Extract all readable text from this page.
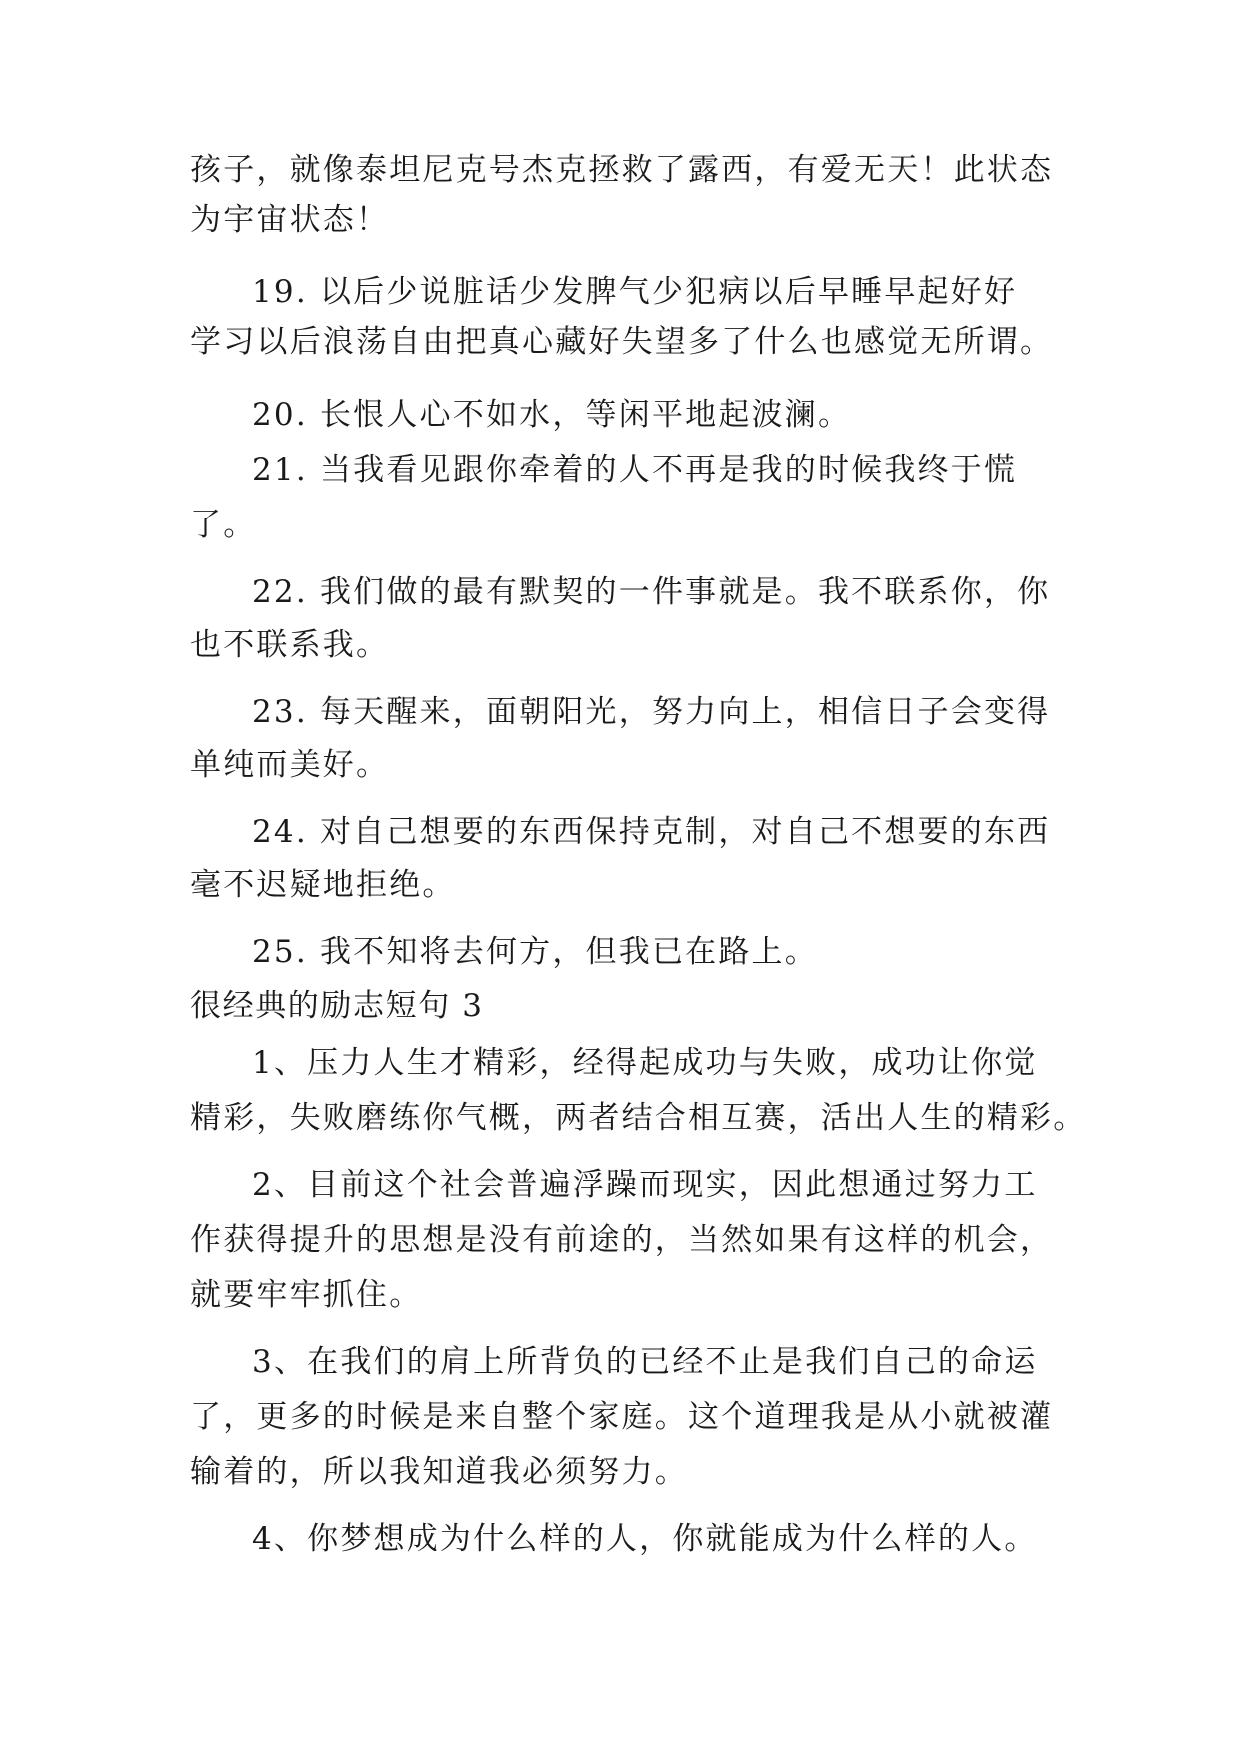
孩子，就像泰坦尼克号杰克拯救了露西，有爱无天！此状态
为宇宙状态！
19. 以后少说脏话少发脾气少犯病以后早睡早起好好
学习以后浪荡自由把真心藏好失望多了什么也感觉无所谓。
20. 长恨人心不如水，等闲平地起波澜。
21. 当我看见跟你牵着的人不再是我的时候我终于慌
了。
22. 我们做的最有默契的一件事就是。我不联系你，你
也不联系我。
23. 每天醒来，面朝阳光，努力向上，相信日子会变得
单纯而美好。
24. 对自己想要的东西保持克制，对自己不想要的东西
毫不迟疑地拒绝。
25. 我不知将去何方，但我已在路上。
很经典的励志短句 3
1、压力人生才精彩，经得起成功与失败，成功让你觉
精彩，失败磨练你气概，两者结合相互赛，活出人生的精彩。
2、目前这个社会普遍浮躁而现实，因此想通过努力工
作获得提升的思想是没有前途的，当然如果有这样的机会，
就要牢牢抓住。
3、在我们的肩上所背负的已经不止是我们自己的命运
了，更多的时候是来自整个家庭。这个道理我是从小就被灌
输着的，所以我知道我必须努力。
4、你梦想成为什么样的人，你就能成为什么样的人。
